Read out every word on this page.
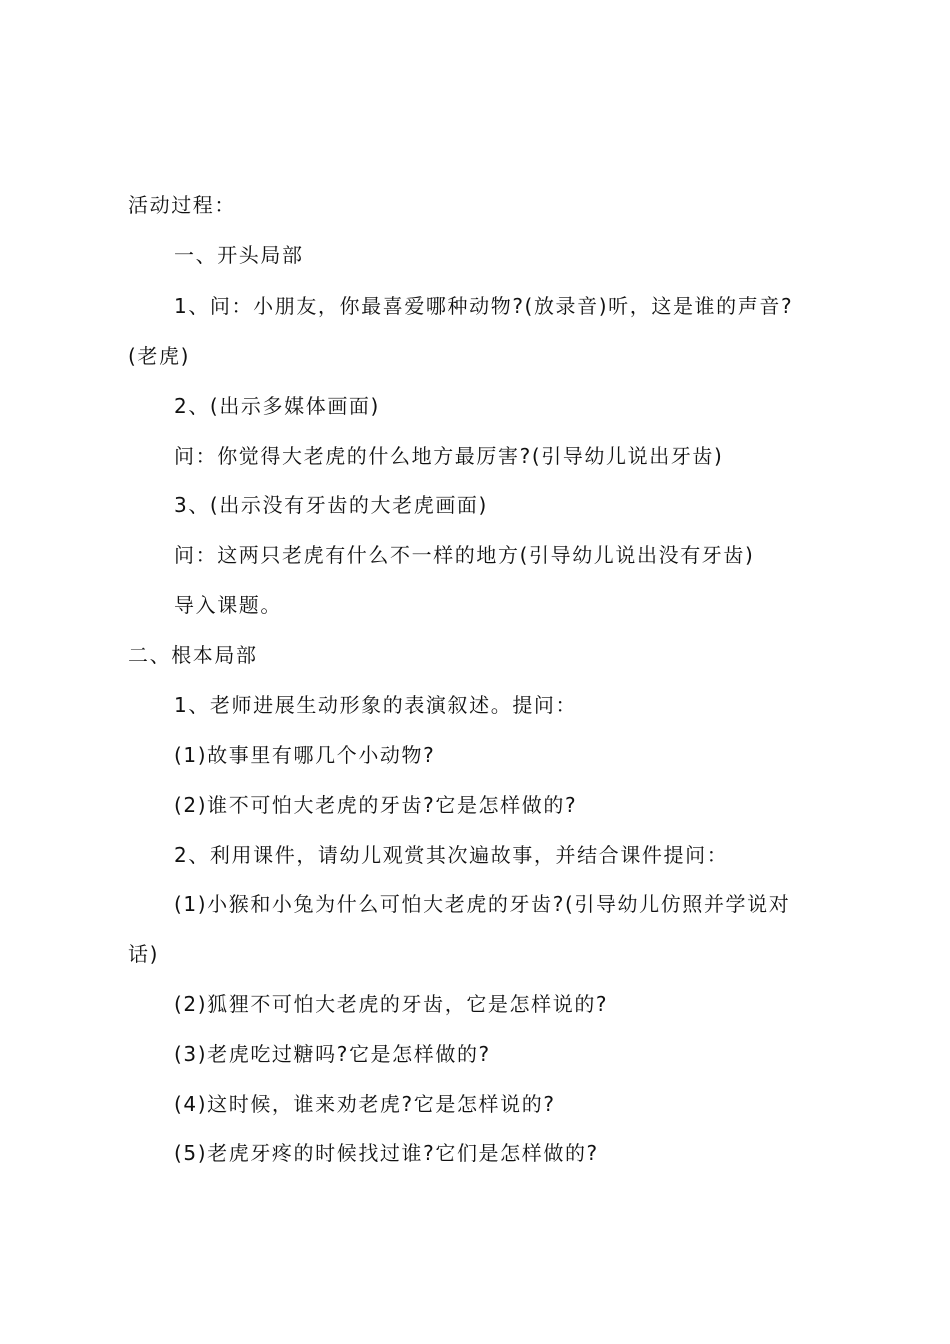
活动过程：
一、开头局部
1、问：小朋友，你最喜爱哪种动物?(放录音)听，这是谁的声音?
(老虎)
2、(出示多媒体画面)
问：你觉得大老虎的什么地方最厉害?(引导幼儿说出牙齿)
3、(出示没有牙齿的大老虎画面)
问：这两只老虎有什么不一样的地方(引导幼儿说出没有牙齿)
导入课题。
二、根本局部
1、老师进展生动形象的表演叙述。提问：
(1)故事里有哪几个小动物?
(2)谁不可怕大老虎的牙齿?它是怎样做的?
2、利用课件，请幼儿观赏其次遍故事，并结合课件提问：
(1)小猴和小兔为什么可怕大老虎的牙齿?(引导幼儿仿照并学说对
话)
(2)狐狸不可怕大老虎的牙齿，它是怎样说的?
(3)老虎吃过糖吗?它是怎样做的?
(4)这时候，谁来劝老虎?它是怎样说的?
(5)老虎牙疼的时候找过谁?它们是怎样做的?
